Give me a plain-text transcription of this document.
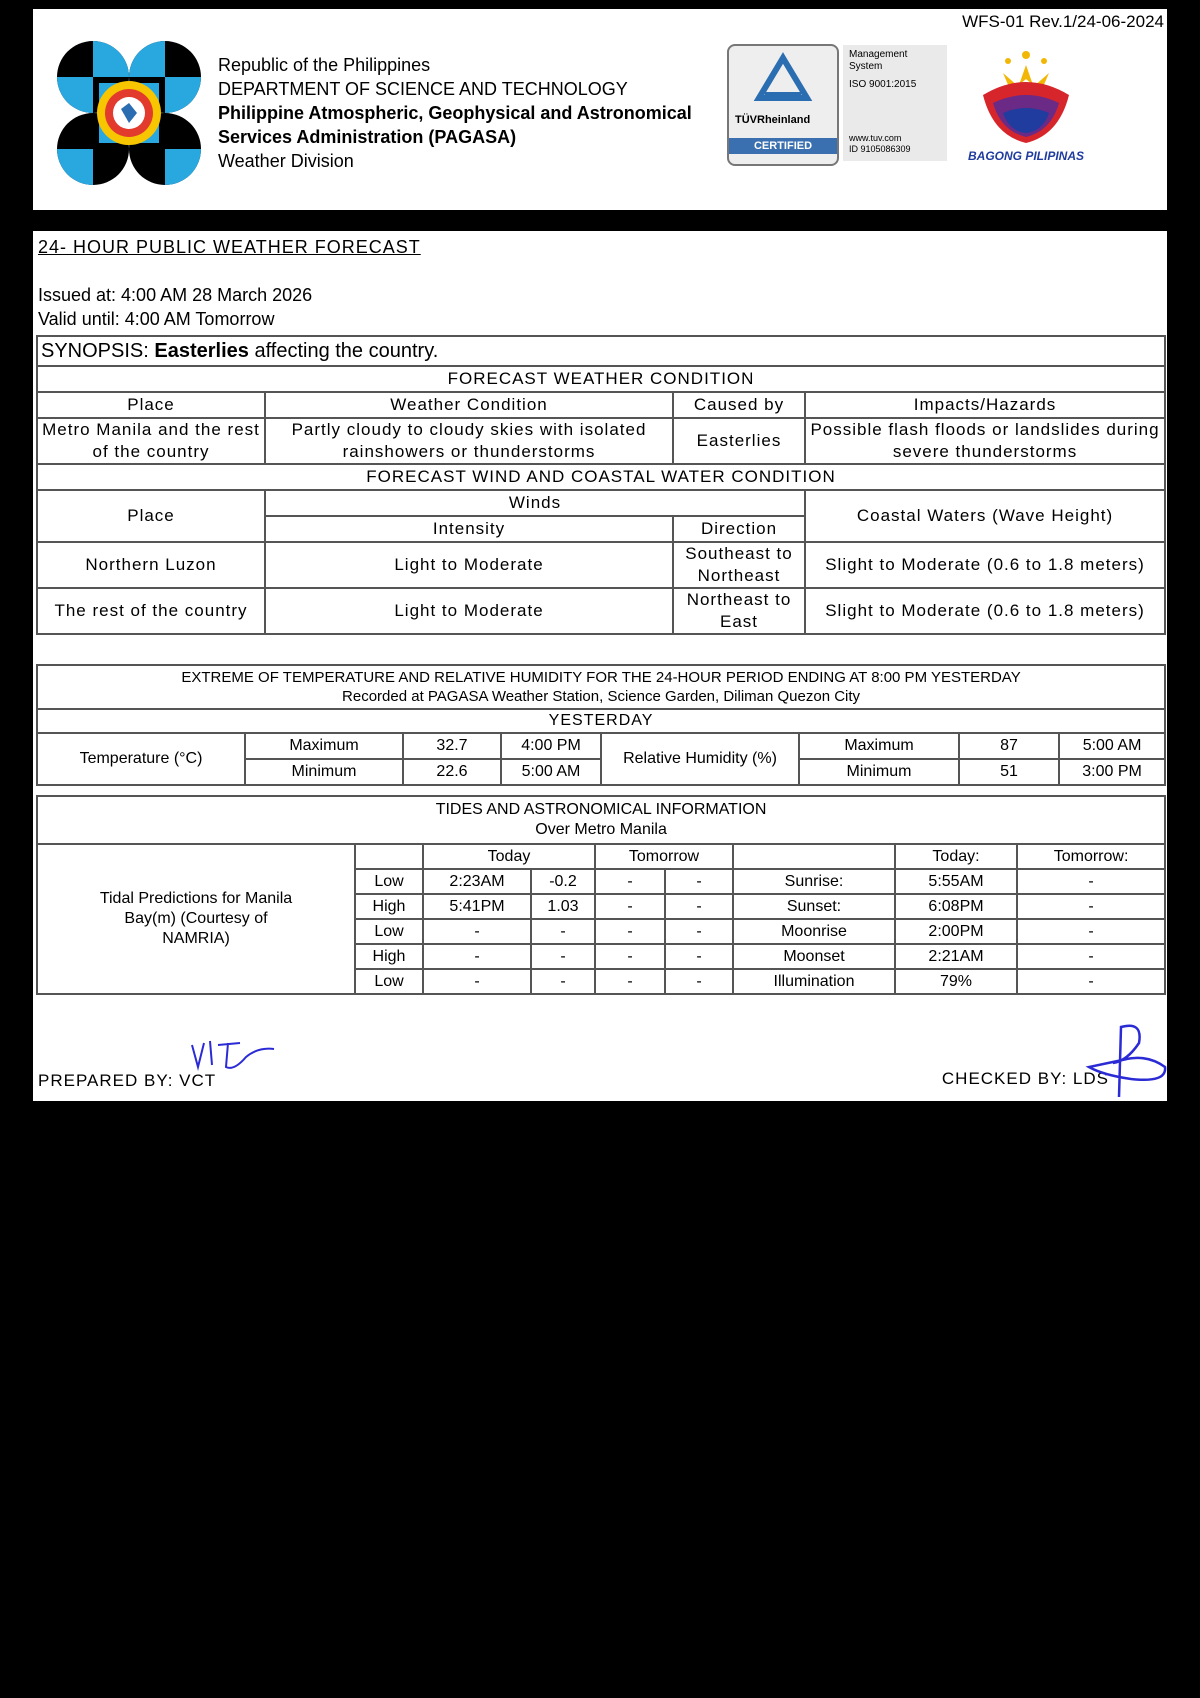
WFS-01 Rev.1/24-06-2024
Republic of the Philippines
DEPARTMENT OF SCIENCE AND TECHNOLOGY
Philippine Atmospheric, Geophysical and Astronomical
Services Administration (PAGASA)
Weather Division
TÜVRheinland
CERTIFIED
Management
System
ISO 9001:2015
www.tuv.com
ID 9105086309	BAGONG PILIPINAS
24- HOUR PUBLIC WEATHER FORECAST
Issued at: 4:00 AM 28 March 2026
Valid until: 4:00 AM Tomorrow
SYNOPSIS: Easterlies affecting the country.			
FORECAST WEATHER CONDITION			
Place	Weather Condition	Caused by	Impacts/Hazards
Metro Manila and the rest of the country	Partly cloudy to cloudy skies with isolated rainshowers or thunderstorms	Easterlies	Possible flash floods or landslides during severe thunderstorms
FORECAST WIND AND COASTAL WATER CONDITION			
Place	Winds		Coastal Waters (Wave Height)
	Intensity	Direction	
Northern Luzon	Light to Moderate	Southeast to Northeast	Slight to Moderate (0.6 to 1.8 meters)
The rest of the country	Light to Moderate	Northeast to East	Slight to Moderate (0.6 to 1.8 meters)
EXTREME OF TEMPERATURE AND RELATIVE HUMIDITY FOR THE 24-HOUR PERIOD ENDING AT 8:00 PM YESTERDAY
Recorded at PAGASA Weather Station, Science Garden, Diliman Quezon City							

YESTERDAY							
Temperature (°C)	Maximum	32.7	4:00 PM	Relative Humidity (%)	Maximum	87	5:00 AM
	Minimum	22.6	5:00 AM		Minimum	51	3:00 PM
TIDES AND ASTRONOMICAL INFORMATION
Over Metro Manila								

Tidal Predictions for Manila Bay(m) (Courtesy of NAMRIA)		Today		Tomorrow			Today:	Tomorrow:
	Low	2:23AM	-0.2	-	-	Sunrise:	5:55AM	-
	High	5:41PM	1.03	-	-	Sunset:	6:08PM	-
	Low	-	-	-	-	Moonrise	2:00PM	-
	High	-	-	-	-	Moonset	2:21AM	-
	Low	-	-	-	-	Illumination	79%	-
PREPARED BY: VCT	CHECKED BY: LDS
